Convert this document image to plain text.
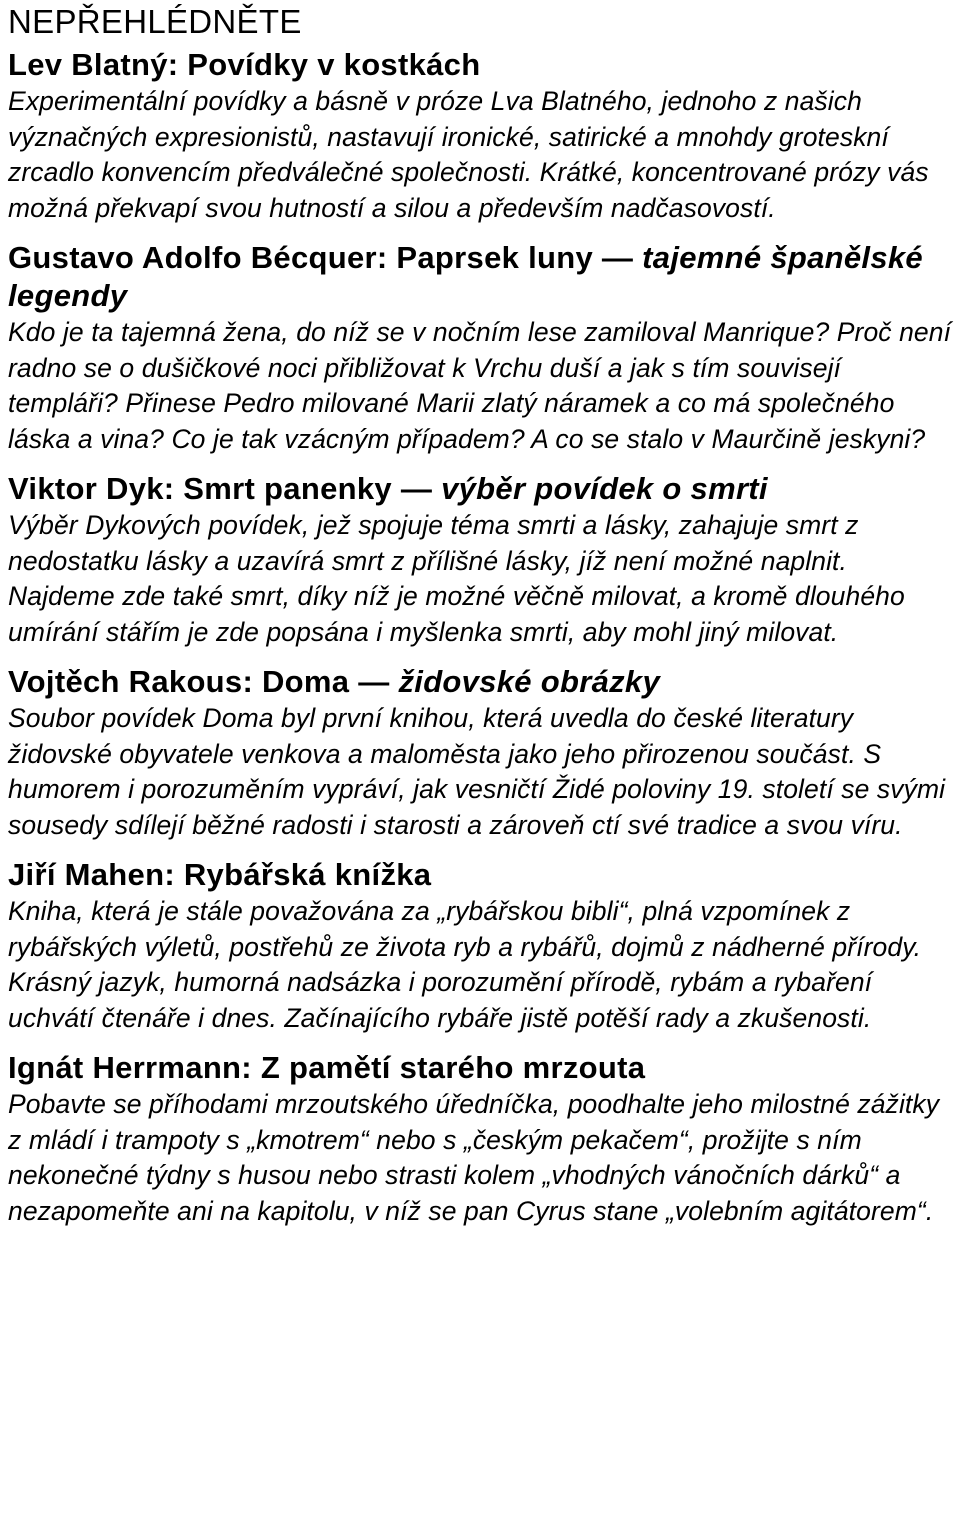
NEPŘEHLÉDNĚTE
Lev Blatný: Povídky v kostkách
Experimentální povídky a básně v próze Lva Blatného, jednoho z našich význačných expresionistů, nastavují ironické, satirické a mnohdy groteskní zrcadlo konvencím předválečné společnosti. Krátké, koncentrované prózy vás možná překvapí svou hutností a silou a především nadčasovostí.
Gustavo Adolfo Bécquer: Paprsek luny — tajemné španělské legendy
Kdo je ta tajemná žena, do níž se v nočním lese zamiloval Manrique? Proč není radno se o dušičkové noci přibližovat k Vrchu duší a jak s tím souvisejí templáři? Přinese Pedro milované Marii zlatý náramek a co má společného láska a vina? Co je tak vzácným případem? A co se stalo v Maurčině jeskyni?
Viktor Dyk: Smrt panenky — výběr povídek o smrti
Výběr Dykových povídek, jež spojuje téma smrti a lásky, zahajuje smrt z nedostatku lásky a uzavírá smrt z přílišné lásky, jíž není možné naplnit. Najdeme zde také smrt, díky níž je možné věčně milovat, a kromě dlouhého umírání stářím je zde popsána i myšlenka smrti, aby mohl jiný milovat.
Vojtěch Rakous: Doma — židovské obrázky
Soubor povídek Doma byl první knihou, která uvedla do české literatury židovské obyvatele venkova a maloměsta jako jeho přirozenou součást. S humorem i porozuměním vypráví, jak vesničtí Židé poloviny 19. století se svými sousedy sdílejí běžné radosti i starosti a zároveň ctí své tradice a svou víru.
Jiří Mahen: Rybářská knížka
Kniha, která je stále považována za „rybářskou bibli“, plná vzpomínek z rybářských výletů, postřehů ze života ryb a rybářů, dojmů z nádherné přírody. Krásný jazyk, humorná nadsázka i porozumění přírodě, rybám a rybaření uchvátí čtenáře i dnes. Začínajícího rybáře jistě potěší rady a zkušenosti.
Ignát Herrmann: Z pamětí starého mrzouta
Pobavte se příhodami mrzoutského úředníčka, poodhalte jeho milostné zážitky z mládí i trampoty s „kmotrem“ nebo s „českým pekačem“, prožijte s ním nekonečné týdny s husou nebo strasti kolem „vhodných vánočních dárků“ a nezapomeňte ani na kapitolu, v níž se pan Cyrus stane „volebním agitátorem“.
